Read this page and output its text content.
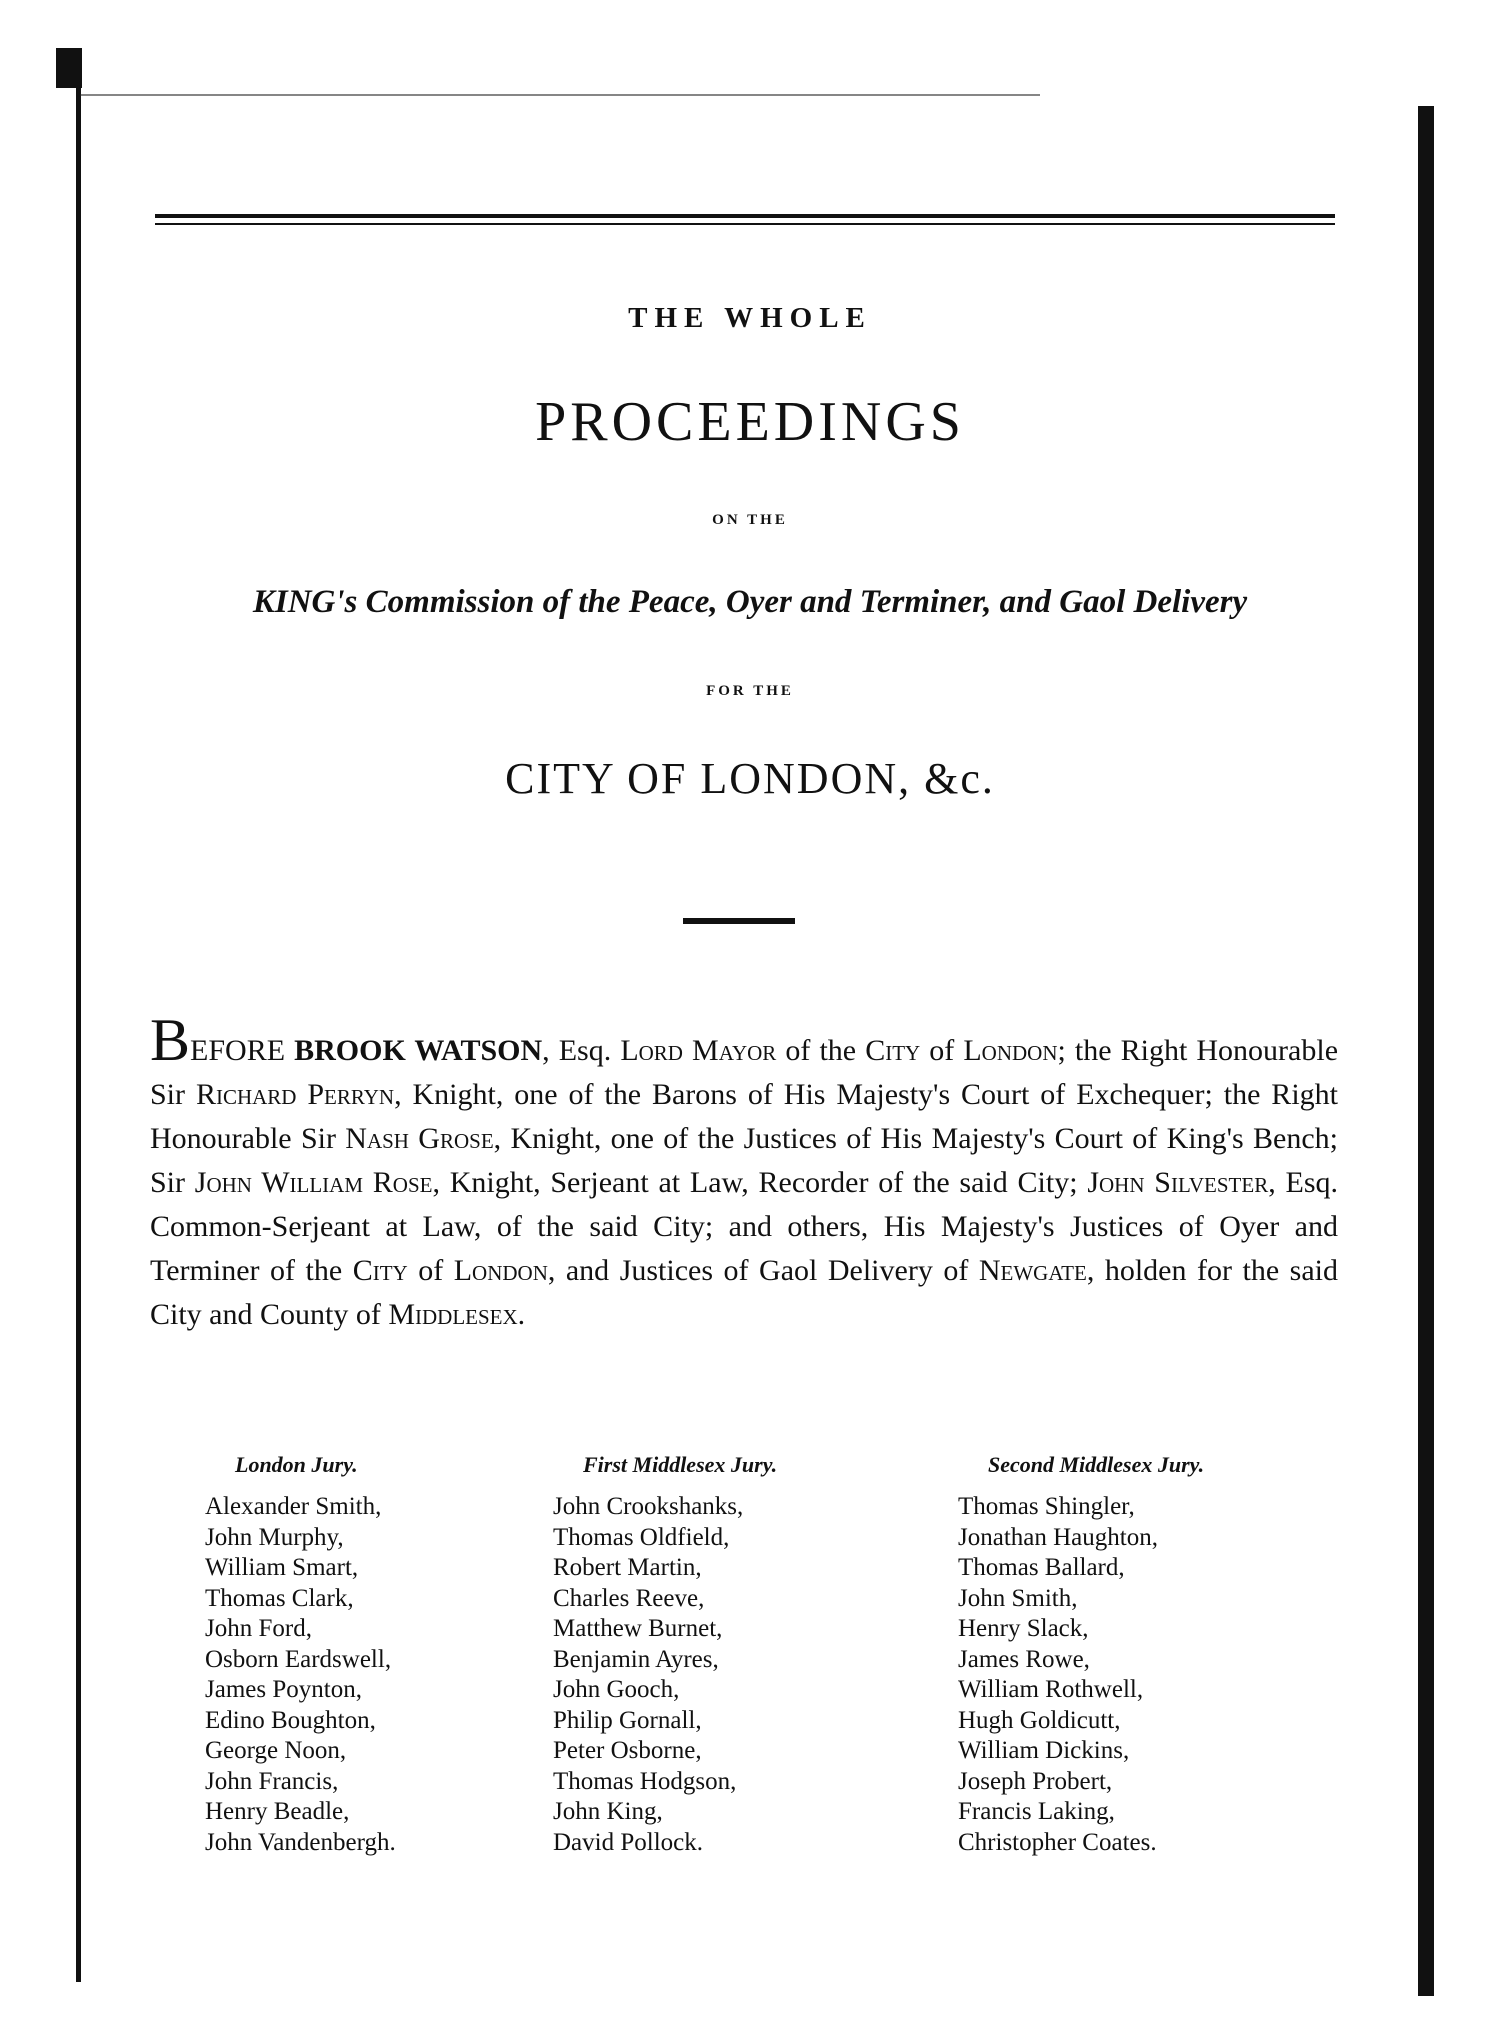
THE WHOLE

PROCEEDINGS

ON THE

KING's Commission of the Peace, Oyer and Terminer, and Gaol Delivery

FOR THE

CITY OF LONDON, &c.

BEFORE BROOK WATSON, Esq. Lord Mayor of the City of London; the Right Honourable Sir Richard Perryn, Knight, one of the Barons of His Majesty's Court of Exchequer; the Right Honourable Sir Nash Grose, Knight, one of the Justices of His Majesty's Court of King's Bench; Sir John William Rose, Knight, Serjeant at Law, Recorder of the said City; John Silvester, Esq. Common-Serjeant at Law, of the said City; and others, His Majesty's Justices of Oyer and Terminer of the City of London, and Justices of Gaol Delivery of Newgate, holden for the said City and County of Middlesex.

London Jury.
Alexander Smith,
John Murphy,
William Smart,
Thomas Clark,
John Ford,
Osborn Eardswell,
James Poynton,
Edino Boughton,
George Noon,
John Francis,
Henry Beadle,
John Vandenbergh.
First Middlesex Jury.
John Crookshanks,
Thomas Oldfield,
Robert Martin,
Charles Reeve,
Matthew Burnet,
Benjamin Ayres,
John Gooch,
Philip Gornall,
Peter Osborne,
Thomas Hodgson,
John King,
David Pollock.
Second Middlesex Jury.
Thomas Shingler,
Jonathan Haughton,
Thomas Ballard,
John Smith,
Henry Slack,
James Rowe,
William Rothwell,
Hugh Goldicutt,
William Dickins,
Joseph Probert,
Francis Laking,
Christopher Coates.
